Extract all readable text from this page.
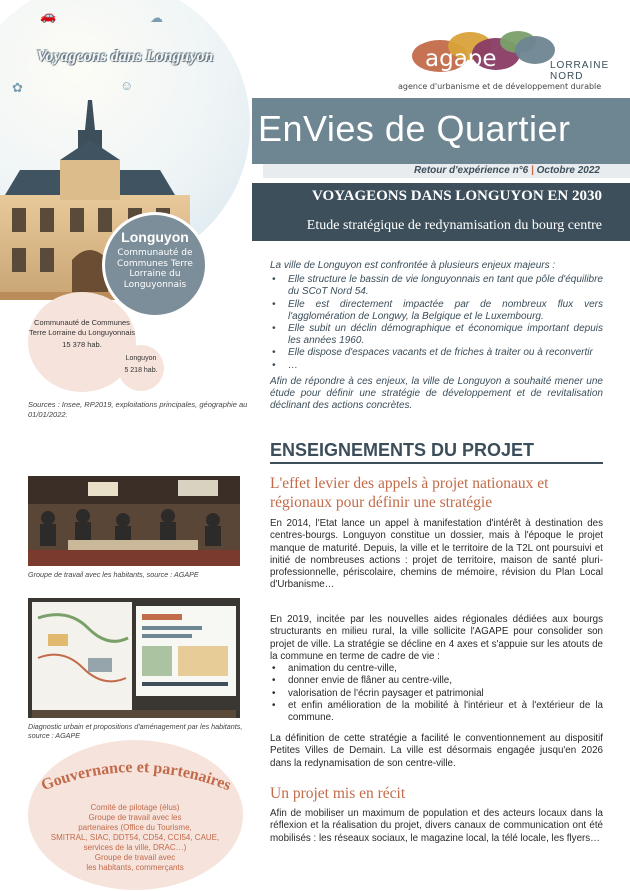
🚗	☁
✿	☺
Voyageons dans Longuyon
Longuyon
Communauté de Communes Terre Lorraine du Longuyonnais
Communauté de Communes Terre Lorraine du Longuyonnais
15 378 hab.
Longuyon
5 218 hab.
Sources : Insee, RP2019, exploitations principales, géographie au 01/01/2022.
agape	LORRAINE
NORD
agence d'urbanisme et de développement durable
EnVies de Quartier
Retour d'expérience n°6 | Octobre 2022
VOYAGEONS DANS LONGUYON EN 2030
Etude stratégique de redynamisation du bourg centre
La ville de Longuyon est confrontée à plusieurs enjeux majeurs :
• Elle structure le bassin de vie longuyonnais en tant que pôle d'équilibre du SCoT Nord 54.
• Elle est directement impactée par de nombreux flux vers l'agglomération de Longwy, la Belgique et le Luxembourg.
• Elle subit un déclin démographique et économique important depuis les années 1960.
• Elle dispose d'espaces vacants et de friches à traiter ou à reconvertir
• …
Afin de répondre à ces enjeux, la ville de Longuyon a souhaité mener une étude pour définir une stratégie de développement et de revitalisation déclinant des actions concrètes.
ENSEIGNEMENTS DU PROJET
L'effet levier des appels à projet nationaux et régionaux pour définir une stratégie
En 2014, l'Etat lance un appel à manifestation d'intérêt à destination des centres-bourgs. Longuyon constitue un dossier, mais à l'époque le projet manque de maturité. Depuis, la ville et le territoire de la T2L ont poursuivi et initié de nombreuses actions : projet de territoire, maison de santé pluri-professionnelle, périscolaire, chemins de mémoire, révision du Plan Local d'Urbanisme…
En 2019, incitée par les nouvelles aides régionales dédiées aux bourgs structurants en milieu rural, la ville sollicite l'AGAPE pour consolider son projet de ville. La stratégie se décline en 4 axes et s'appuie sur les atouts de la commune en terme de cadre de vie :
• animation du centre-ville,
• donner envie de flâner au centre-ville,
• valorisation de l'écrin paysager et patrimonial
• et enfin amélioration de la mobilité à l'intérieur et à l'extérieur de la commune.
La définition de cette stratégie a facilité le conventionnement au dispositif Petites Villes de Demain. La ville est désormais engagée jusqu'en 2026 dans la redynamisation de son centre-ville.
Un projet mis en récit
Afin de mobiliser un maximum de population et des acteurs locaux dans la réflexion et la réalisation du projet, divers canaux de communication ont été mobilisés : les réseaux sociaux, le magazine local, la télé locale, les flyers…
Groupe de travail avec les habitants, source : AGAPE
Diagnostic urbain et propositions d'aménagement par les habitants, source : AGAPE
Gouvernance et partenaires
Comité de pilotage (élus)
Groupe de travail avec les
partenaires (Office du Tourisme,
SMITRAL, SIAC, DDT54, CD54, CCI54, CAUE,
services de la ville, DRAC…)
Groupe de travail avec
les habitants, commerçants
